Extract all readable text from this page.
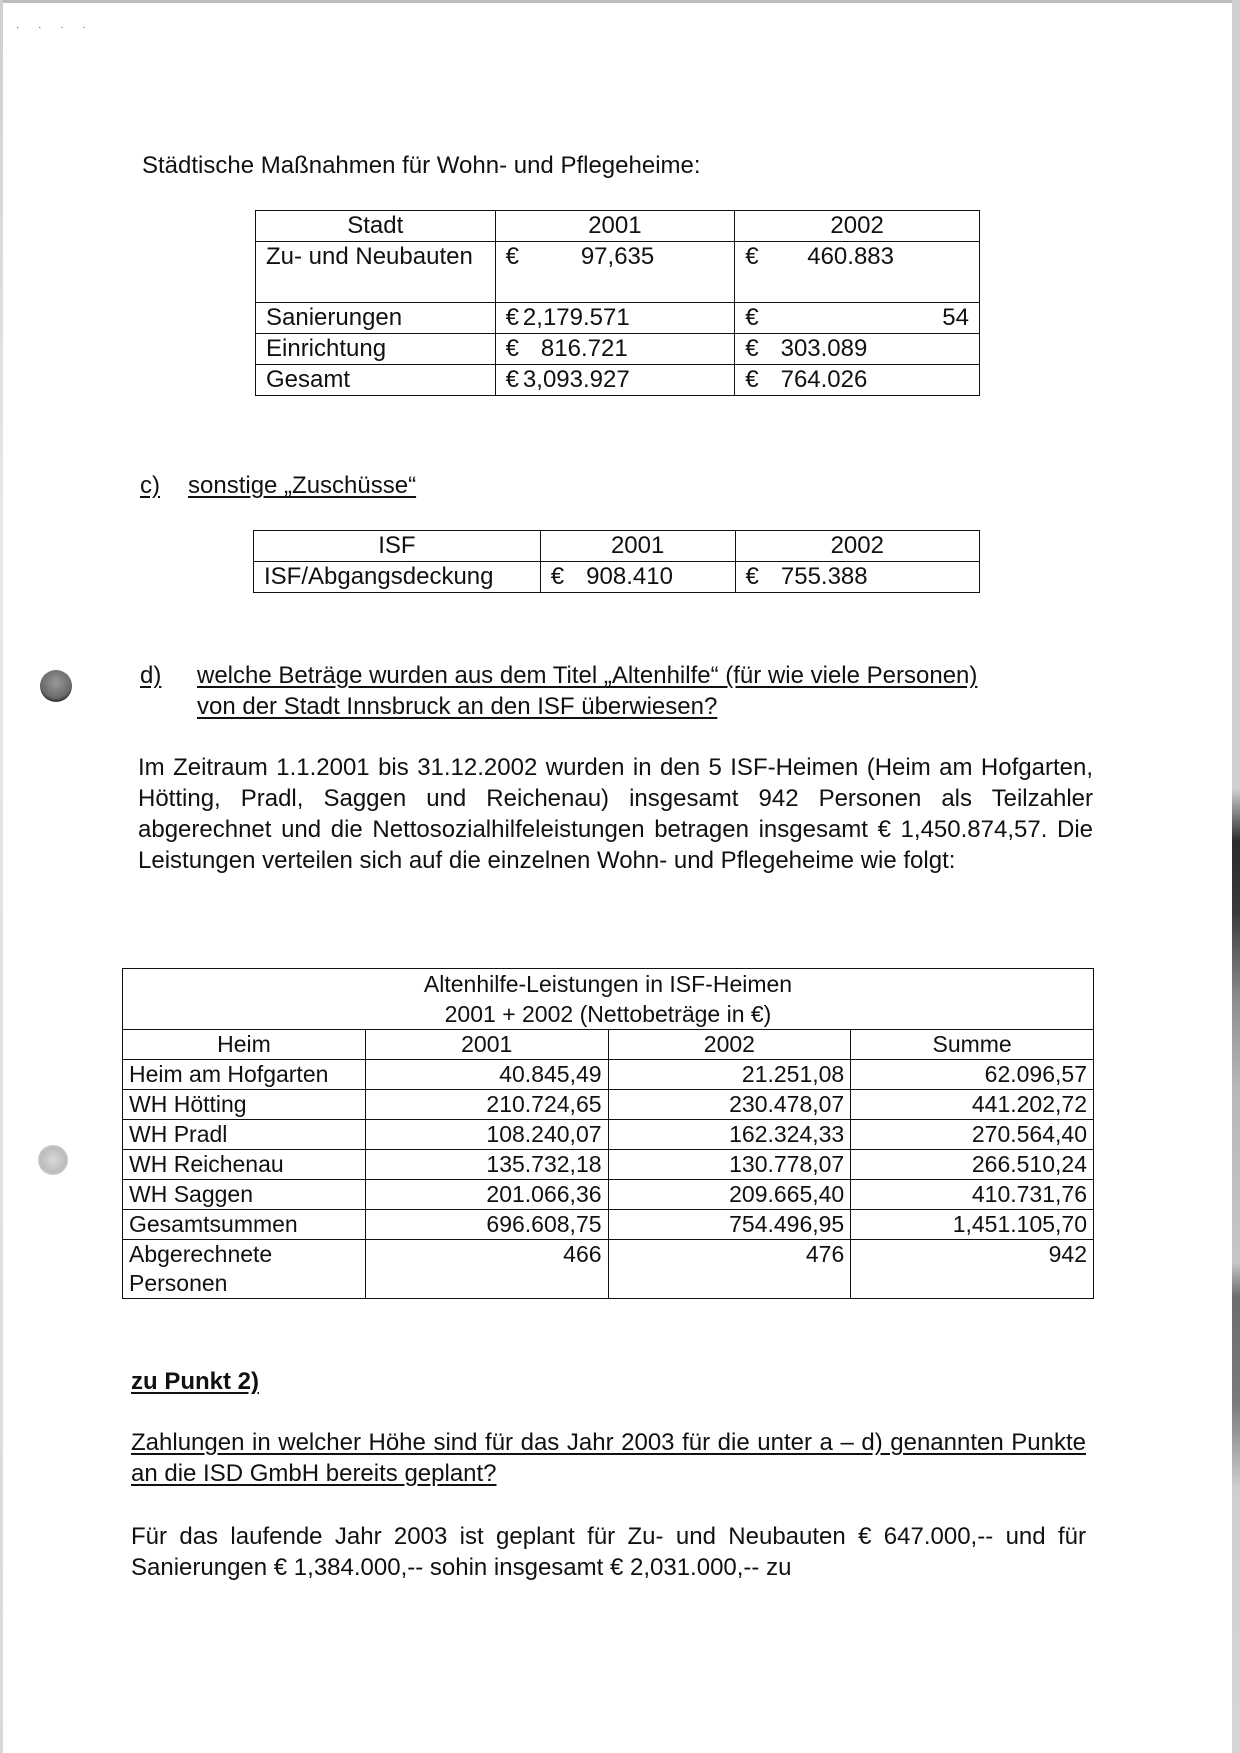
· · · ·
Städtische Maßnahmen für Wohn- und Pflegeheime:
Stadt	2001	2002
Zu- und Neubauten	€ 97,635	€ 460.883

Sanierungen	€ 2,179.571	€ 54

Einrichtung	€ 816.721	€ 303.089

Gesamt	€ 3,093.927	€ 764.026
c) sonstige „Zuschüsse“
ISF	2001	2002
ISF/Abgangsdeckung	€ 908.410	€ 755.388
d)	welche Beträge wurden aus dem Titel „Altenhilfe“ (für wie viele Personen)
von der Stadt Innsbruck an den ISF überwiesen?
Im Zeitraum 1.1.2001 bis 31.12.2002 wurden in den 5 ISF-Heimen (Heim am Hofgarten, Hötting, Pradl, Saggen und Reichenau) insgesamt 942 Personen als Teilzahler abgerechnet und die Nettosozialhilfeleistungen betragen insgesamt € 1,450.874,57. Die Leistungen verteilen sich auf die einzelnen Wohn- und Pflegeheime wie folgt:
Altenhilfe-Leistungen in ISF-Heimen
2001 + 2002 (Nettobeträge in €)			

Heim	2001	2002	Summe
Heim am Hofgarten	40.845,49	21.251,08	62.096,57
WH Hötting	210.724,65	230.478,07	441.202,72
WH Pradl	108.240,07	162.324,33	270.564,40
WH Reichenau	135.732,18	130.778,07	266.510,24
WH Saggen	201.066,36	209.665,40	410.731,76
Gesamtsummen	696.608,75	754.496,95	1,451.105,70

Abgerechnete Personen	466	476	942
zu Punkt 2)
Zahlungen in welcher Höhe sind für das Jahr 2003 für die unter a – d) genannten Punkte an die ISD GmbH bereits geplant?
Für das laufende Jahr 2003 ist geplant für Zu- und Neubauten € 647.000,-- und für Sanierungen € 1,384.000,-- sohin insgesamt € 2,031.000,-- zu
